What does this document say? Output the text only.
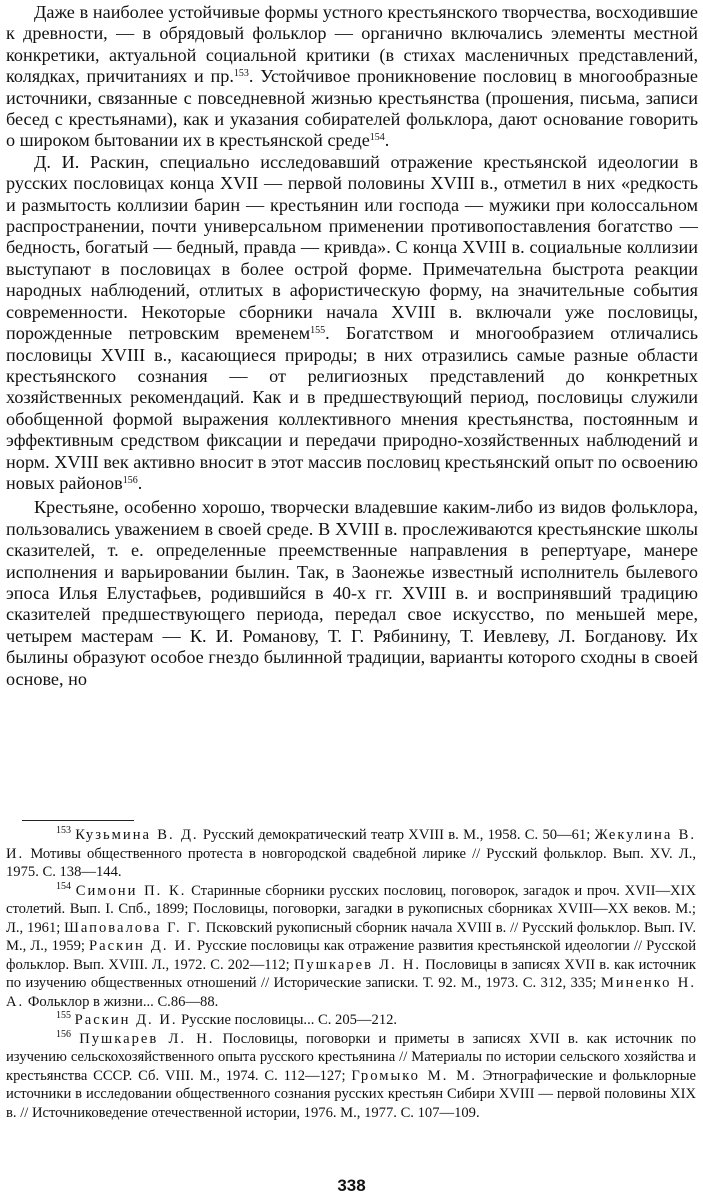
Даже в наиболее устойчивые формы устного крестьянского творчества, восходившие к древности, — в обрядовый фольклор — органично включались элементы местной конкретики, актуальной социальной критики (в стихах масленичных представлений, колядках, причитаниях и пр.$^{153}$. Устойчивое проникновение пословиц в многообразные источники, связанные с повседневной жизнью крестьянства (прошения, письма, записи бесед с крестьянами), как и указания собирателей фольклора, дают основание говорить о широком бытовании их в крестьянской среде$^{154}$.

Д. И. Раскин, специально исследовавший отражение крестьянской идеологии в русских пословицах конца XVII — первой половины XVIII в., отметил в них «редкость и размытость коллизии барин — крестьянин или господа — мужики при колоссальном распространении, почти универсальном применении противопоставления богатство — бедность, богатый — бедный, правда — кривда». С конца XVIII в. социальные коллизии выступают в пословицах в более острой форме. Примечательна быстрота реакции народных наблюдений, отлитых в афористическую форму, на значительные события современности. Некоторые сборники начала XVIII в. включали уже пословицы, порожденные петровским временем$^{155}$. Богатством и многообразием отличались пословицы XVIII в., касающиеся природы; в них отразились самые разные области крестьянского сознания — от религиозных представлений до конкретных хозяйственных рекомендаций. Как и в предшествующий период, пословицы служили обобщенной формой выражения коллективного мнения крестьянства, постоянным и эффективным средством фиксации и передачи природно-хозяйственных наблюдений и норм. XVIII век активно вносит в этот массив пословиц крестьянский опыт по освоению новых районов$^{156}$.

Крестьяне, особенно хорошо, творчески владевшие каким-либо из видов фольклора, пользовались уважением в своей среде. В XVIII в. прослеживаются крестьянские школы сказителей, т. е. определенные преемственные направления в репертуаре, манере исполнения и варьировании былин. Так, в Заонежье известный исполнитель былевого эпоса Илья Елустафьев, родившийся в 40-х гг. XVIII в. и воспринявший традицию сказителей предшествующего периода, передал свое искусство, по меньшей мере, четырем мастерам — К. И. Романову, Т. Г. Рябинину, Т. Иевлеву, Л. Богданову. Их былины образуют особое гнездо былинной традиции, варианты которого сходны в своей основе, но

$^{153}$ Кузьмина В. Д. Русский демократический театр XVIII в. М., 1958. С. 50—61; Жекулина В. И. Мотивы общественного протеста в новгородской свадебной лирике // Русский фольклор. Вып. XV. Л., 1975. С. 138—144.

$^{154}$ Симони П. К. Старинные сборники русских пословиц, поговорок, загадок и проч. XVII—XIX столетий. Вып. I. Спб., 1899; Пословицы, поговорки, загадки в рукописных сборниках XVIII—XX веков. М.; Л., 1961; Шаповалова Г. Г. Псковский рукописный сборник начала XVIII в. // Русский фольклор. Вып. IV. М., Л., 1959; Раскин Д. И. Русские пословицы как отражение развития крестьянской идеологии // Русской фольклор. Вып. XVIII. Л., 1972. С. 202—112; Пушкарев Л. Н. Пословицы в записях XVII в. как источник по изучению общественных отношений // Исторические записки. Т. 92. М., 1973. С. 312, 335; Миненко Н. А. Фольклор в жизни... С.86—88.

$^{155}$ Раскин Д. И. Русские пословицы... С. 205—212.

$^{156}$ Пушкарев Л. Н. Пословицы, поговорки и приметы в записях XVII в. как источник по изучению сельскохозяйственного опыта русского крестьянина // Материалы по истории сельского хозяйства и крестьянства СССР. Сб. VIII. М., 1974. С. 112—127; Громыко М. М. Этнографические и фольклорные источники в исследовании общественного сознания русских крестьян Сибири XVIII — первой половины XIX в. // Источниковедение отечественной истории, 1976. М., 1977. С. 107—109.

338
